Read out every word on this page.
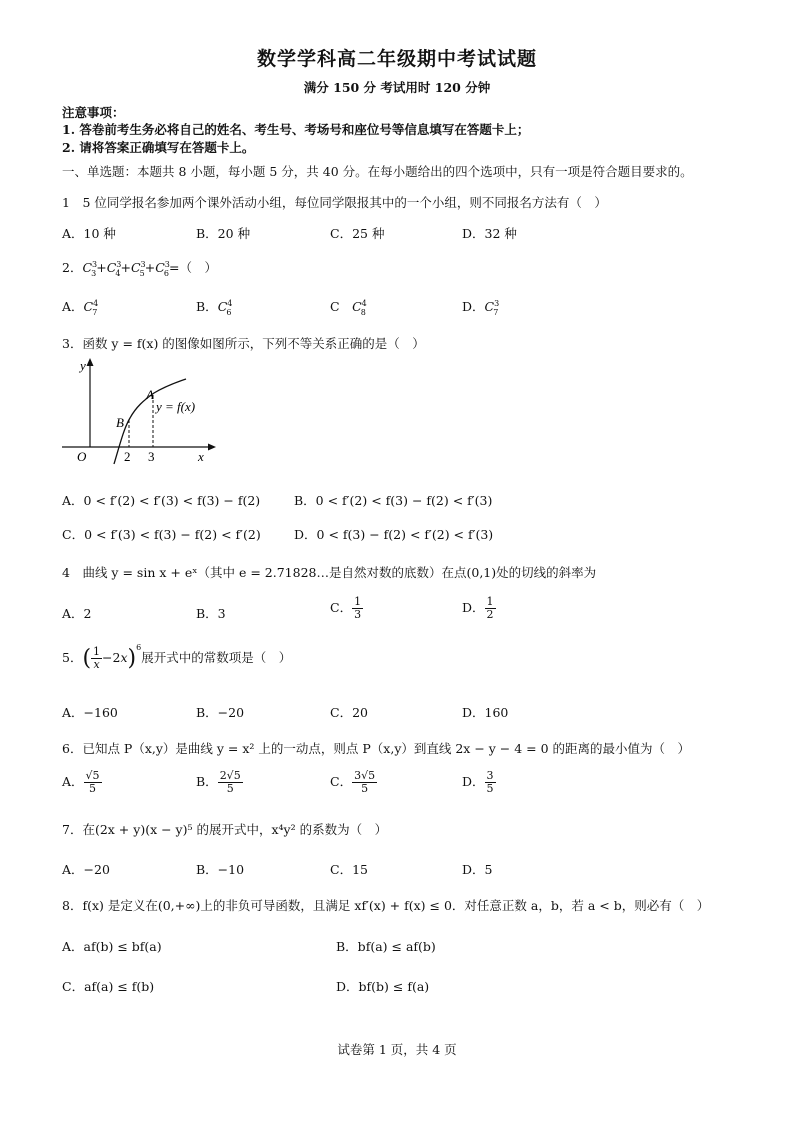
数学学科高二年级期中考试试题
满分 150 分 考试用时 120 分钟
注意事项：
1. 答卷前考生务必将自己的姓名、考生号、考场号和座位号等信息填写在答题卡上；
2. 请将答案正确填写在答题卡上。
一、单选题：本题共 8 小题，每小题 5 分，共 40 分。在每小题给出的四个选项中，只有一项是符合题目要求的。
1　5 位同学报名参加两个课外活动小组，每位同学限报其中的一个小组，则不同报名方法有（　）
A．10 种	B．20 种	C．25 种	D．32 种
2．$C^3_3+C^3_4+C^3_5+C^3_6=$（　）
A．$C^4_7$	B．$C^4_6$	C　$C^4_8$	D．$C^3_7$
3．函数 y = f(x) 的图像如图所示，下列不等关系正确的是（　）
y
x
O	2 3
B
A
y = f(x)
A．0 < f′(2) < f′(3) < f(3) − f(2)	B．0 < f′(2) < f(3) − f(2) < f′(3)
C．0 < f′(3) < f(3) − f(2) < f′(2)	D．0 < f(3) − f(2) < f′(2) < f′(3)
4　曲线 y = sin x + eˣ（其中 e = 2.71828…是自然对数的底数）在点(0,1)处的切线的斜率为
A．2	B．3	C． $\frac{1}{3}$	D． $\frac{1}{2}$
5．( $\frac{1}{x} -2x)^6$展开式中的常数项是（　）
A．−160	B．−20	C．20	D．160
6．已知点 P（x,y）是曲线 y = x² 上的一动点，则点 P（x,y）到直线 2x − y − 4 = 0 的距离的最小值为（　）
A． $\frac{√5}{5}$	B． $\frac{2√5}{5}$	C． $\frac{3√5}{5}$	D． $\frac{3}{5}$
7．在(2x + y)(x − y)⁵ 的展开式中，x⁴y² 的系数为（　）
A．−20	B．−10	C．15	D．5
8．f(x) 是定义在(0,+∞)上的非负可导函数，且满足 xf′(x) + f(x) ≤ 0．对任意正数 a，b，若 a < b，则必有（　）
A．af(b) ≤ bf(a)	B．bf(a) ≤ af(b)
C．af(a) ≤ f(b)	D．bf(b) ≤ f(a)
试卷第 1 页，共 4 页
